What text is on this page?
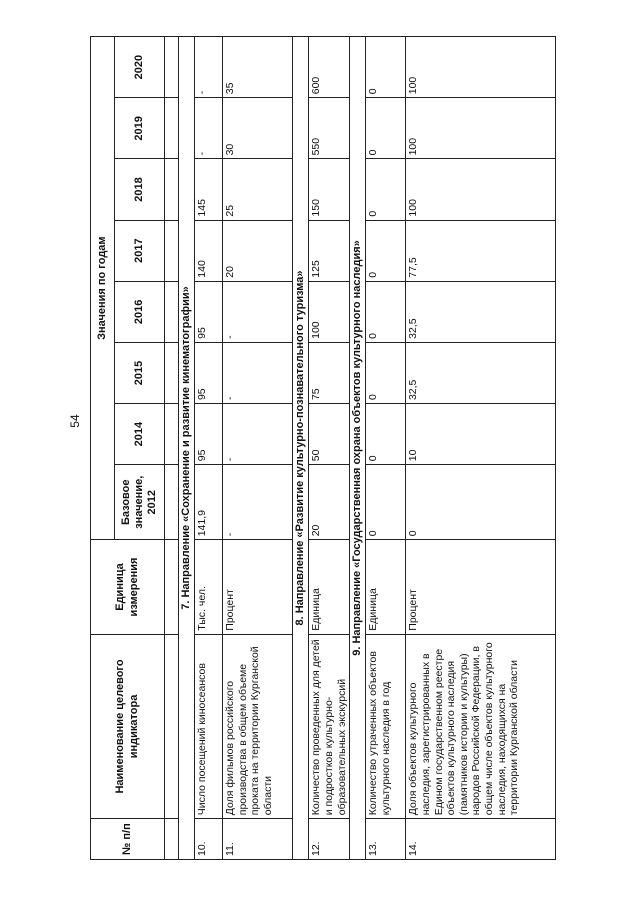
54
№ п/п	Наименование целевого индикатора	Единица измерения	Значения по годам							
			Базовое значение, 2012	2014	2015	2016	2017	2018	2019	2020

7. Направление «Сохранение и развитие кинематографии»										
10.	Число посещений киносеансов	Тыс. чел.	141,9	95	95	95	140	145	-	-
11.	Доля фильмов российского производства в общем объеме проката на территории Курганской области	Процент	-	-	-	-	20	25	30	35
8. Направление «Развитие культурно-познавательного туризма»										
12.	Количество проведенных для детей и подростков культурно-образовательных экскурсий	Единица	20	50	75	100	125	150	550	600
9. Направление «Государственная охрана объектов культурного наследия»										
13.	Количество утраченных объектов культурного наследия в год	Единица	0	0	0	0	0	0	0	0
14.	Доля объектов культурного наследия, зарегистрированных в Едином государственном реестре объектов культурного наследия (памятников истории и культуры) народов Российской Федерации, в общем числе объектов культурного наследия, находящихся на территории Курганской области	Процент	0	10	32,5	32,5	77,5	100	100	100
